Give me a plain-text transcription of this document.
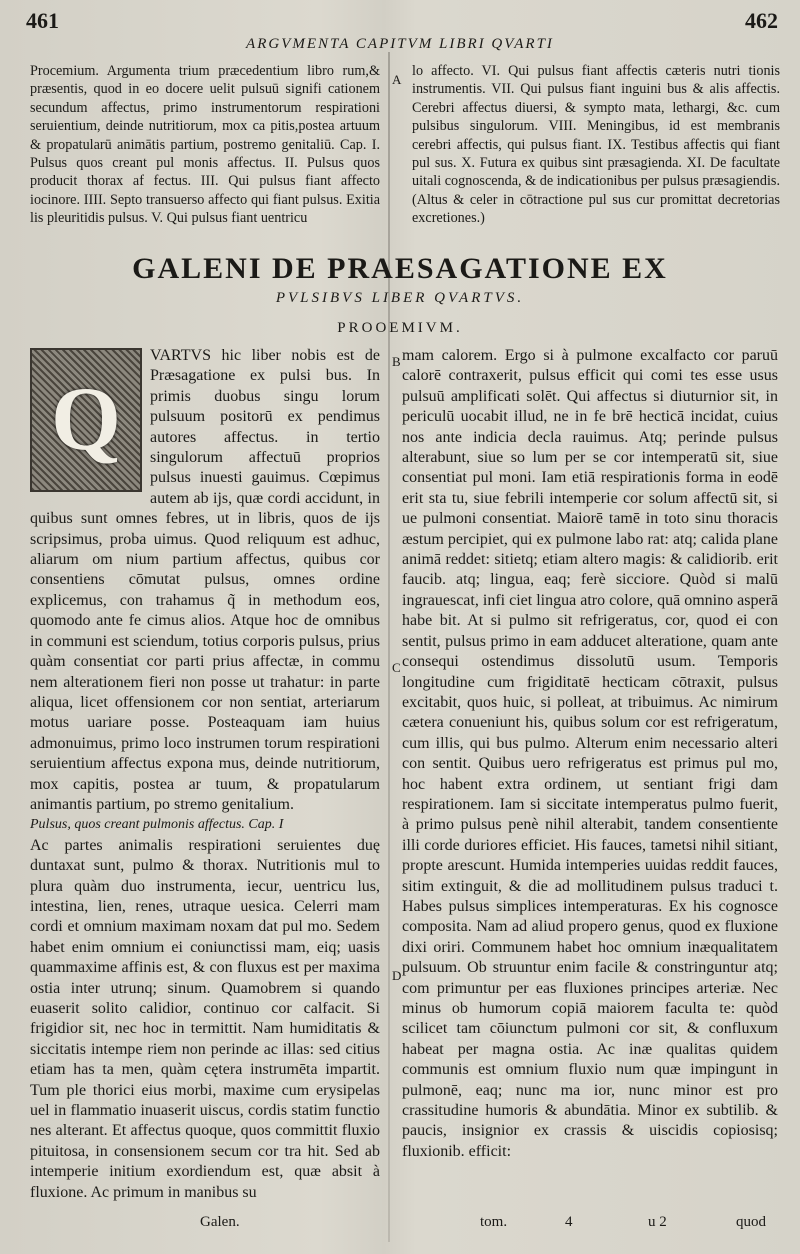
461	462
ARGVMENTA CAPITVM LIBRI QVARTI
Procemium. Argumenta trium præcedentium libro rum,& præsentis, quod in eo docere uelit pulsuū signifi cationem secundum affectus, primo instrumentorum respirationi seruientium, deinde nutritiorum, mox ca pitis,postea artuum & propatularū animātis partium, postremo genitaliū. Cap. I. Pulsus quos creant pul monis affectus. II. Pulsus quos producit thorax af fectus. III. Qui pulsus fiant affecto iocinore. IIII. Septo transuerso affecto qui fiant pulsus. Exitia lis pleuritidis pulsus. V. Qui pulsus fiant uentricu
lo affecto. VI. Qui pulsus fiant affectis cæteris nutri tionis instrumentis. VII. Qui pulsus fiant inguini bus & alis affectis. Cerebri affectus diuersi, & sympto mata, lethargi, &c. cum pulsibus singulorum. VIII. Meningibus, id est membranis cerebri affectis, qui pulsus fiant. IX. Testibus affectis qui fiant pul sus. X. Futura ex quibus sint præsagienda. XI. De facultate uitali cognoscenda, & de indicationibus per pulsus præsagiendis. (Altus & celer in cōtractione pul sus cur promittat decretorias excretiones.)
A
B
C
D
GALENI DE PRAESAGATIONE EX
PVLSIBVS LIBER QVARTVS.
PROOEMIVM.
Q

VARTVS hic liber nobis est de Præsagatione ex pulsi bus. In primis duobus singu lorum pulsuum positorū ex pendimus autores affectus. in tertio singulorum affectuū proprios pulsus inuesti gauimus. Cœpimus autem ab ijs, quæ cordi accidunt, in quibus sunt omnes febres, ut in libris, quos de ijs scripsimus, proba uimus. Quod reliquum est adhuc, aliarum om nium partium affectus, quibus cor consentiens cōmutat pulsus, omnes ordine explicemus, con trahamus q̃ in methodum eos, quomodo ante fe cimus alios. Atque hoc de omnibus in communi est sciendum, totius corporis pulsus, prius quàm consentiat cor parti prius affectæ, in commu nem alterationem fieri non posse ut trahatur: in parte aliqua, licet offensionem cor non sentiat, arteriarum motus uariare posse. Posteaquam iam huius admonuimus, primo loco instrumen torum respirationi seruientium affectus expona mus, deinde nutritiorum, mox capitis, postea ar tuum, & propatularum animantis partium, po stremo genitalium.

Pulsus, quos creant pulmonis affectus. Cap. I

Ac partes animalis respirationi seruientes duę duntaxat sunt, pulmo & thorax. Nutritionis mul to plura quàm duo instrumenta, iecur, uentricu lus, intestina, lien, renes, utraque uesica. Celerri mam cordi et omnium maximam noxam dat pul mo. Sedem habet enim omnium ei coniunctissi mam, eiq; uasis quammaxime affinis est, & con fluxus est per maxima ostia inter utrunq; sinum. Quamobrem si quando euaserit solito calidior, continuo cor calfacit. Si frigidior sit, nec hoc in termittit. Nam humiditatis & siccitatis intempe riem non perinde ac illas: sed citius etiam has ta men, quàm cętera instrumēta impartit. Tum ple thorici eius morbi, maxime cum erysipelas uel in flammatio inuaserit uiscus, cordis statim functio nes alterant. Et affectus quoque, quos committit fluxio pituitosa, in consensionem secum cor tra hit. Sed ab intemperie initium exordiendum est, quæ absit à fluxione. Ac primum in manibus su

mam calorem. Ergo si à pulmone excalfacto cor paruū calorē contraxerit, pulsus efficit qui comi tes esse usus pulsuū amplificati solēt. Qui affectus si diuturnior sit, in periculū uocabit illud, ne in fe brē hecticā incidat, cuius nos ante indicia decla rauimus. Atq; perinde pulsus alterabunt, siue so lum per se cor intemperatū sit, siue consentiat pul moni. Iam etiā respirationis forma in eodē erit sta tu, siue febrili intemperie cor solum affectū sit, si ue pulmoni consentiat. Maiorē tamē in toto sinu thoracis æstum percipiet, qui ex pulmone labo rat: atq; calida plane animā reddet: sitietq; etiam altero magis: & calidiorib. erit faucib. atq; lingua, eaq; ferè sicciore. Quòd si malū ingrauescat, infi ciet lingua atro colore, quā omnino asperā habe bit. At si pulmo sit refrigeratus, cor, quod ei con sentit, pulsus primo in eam adducet alteratione, quam ante consequi ostendimus dissolutū usum. Temporis longitudine cum frigiditatē hecticam cōtraxit, pulsus excitabit, quos huic, si polleat, at tribuimus. Ac nimirum cætera conueniunt his, quibus solum cor est refrigeratum, cum illis, qui bus pulmo. Alterum enim necessario alteri con sentit. Quibus uero refrigeratus est primus pul mo, hoc habent extra ordinem, ut sentiant frigi dam respirationem. Iam si siccitate intemperatus pulmo fuerit, à primo pulsus penè nihil alterabit, tandem consentiente illi corde duriores efficiet. His fauces, tametsi nihil sitiant, propte arescunt. Humida intemperies uuidas reddit fauces, sitim extinguit, & die ad mollitudinem pulsus traduci t. Habes pulsus simplices intemperaturas. Ex his cognosce composita. Nam ad aliud propero genus, quod ex fluxione dixi oriri. Communem habet hoc omnium inæqualitatem pulsuum. Ob struuntur enim facile & constringuntur atq; com primuntur per eas fluxiones principes arteriæ. Nec minus ob humorum copiā maiorem faculta te: quòd scilicet tam cōiunctum pulmoni cor sit, & confluxum habeat per magna ostia. Ac inæ qualitas quidem communis est omnium fluxio num quæ impingunt in pulmonē, eaq; nunc ma ior, nunc minor est pro crassitudine humoris & abundātia. Minor ex subtilib. & paucis, insignior ex crassis & uiscidis copiosisq; fluxionib. efficit:

Galen.	tom.	4	u 2	quod
